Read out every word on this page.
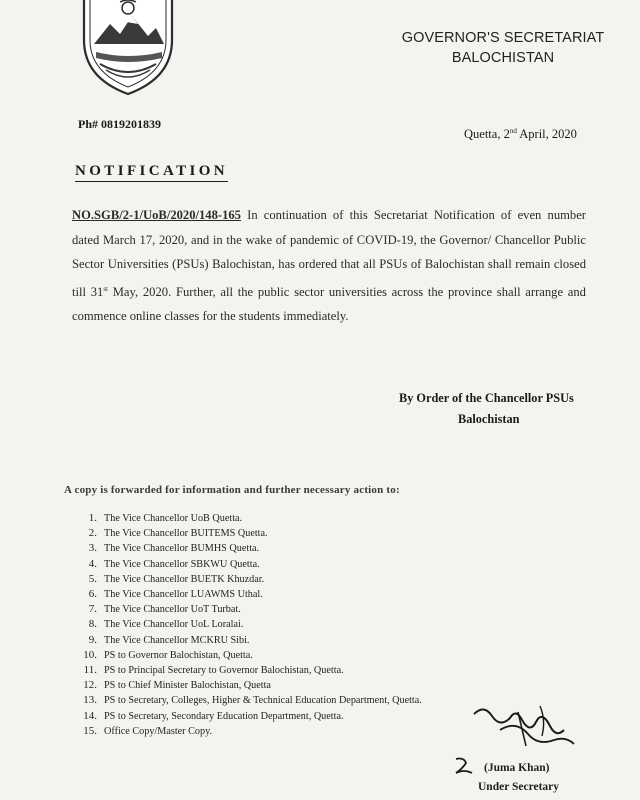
GOVERNOR'S SECRETARIAT
BALOCHISTAN
Ph# 0819201839
Quetta, 2nd April, 2020
NOTIFICATION
NO.SGB/2-1/UoB/2020/148-165 In continuation of this Secretariat Notification of even number dated March 17, 2020, and in the wake of pandemic of COVID-19, the Governor/ Chancellor Public Sector Universities (PSUs) Balochistan, has ordered that all PSUs of Balochistan shall remain closed till 31st May, 2020. Further, all the public sector universities across the province shall arrange and commence online classes for the students immediately.
By Order of the Chancellor PSUs
Balochistan
A copy is forwarded for information and further necessary action to:
1. The Vice Chancellor UoB Quetta.
2. The Vice Chancellor BUITEMS Quetta.
3. The Vice Chancellor BUMHS Quetta.
4. The Vice Chancellor SBKWU Quetta.
5. The Vice Chancellor BUETK Khuzdar.
6. The Vice Chancellor LUAWMS Uthal.
7. The Vice Chancellor UoT Turbat.
8. The Vice Chancellor UoL Loralai.
9. The Vice Chancellor MCKRU Sibi.
10. PS to Governor Balochistan, Quetta.
11. PS to Principal Secretary to Governor Balochistan, Quetta.
12. PS to Chief Minister Balochistan, Quetta
13. PS to Secretary, Colleges, Higher & Technical Education Department, Quetta.
14. PS to Secretary, Secondary Education Department, Quetta.
15. Office Copy/Master Copy.
(Juma Khan)
Under Secretary
